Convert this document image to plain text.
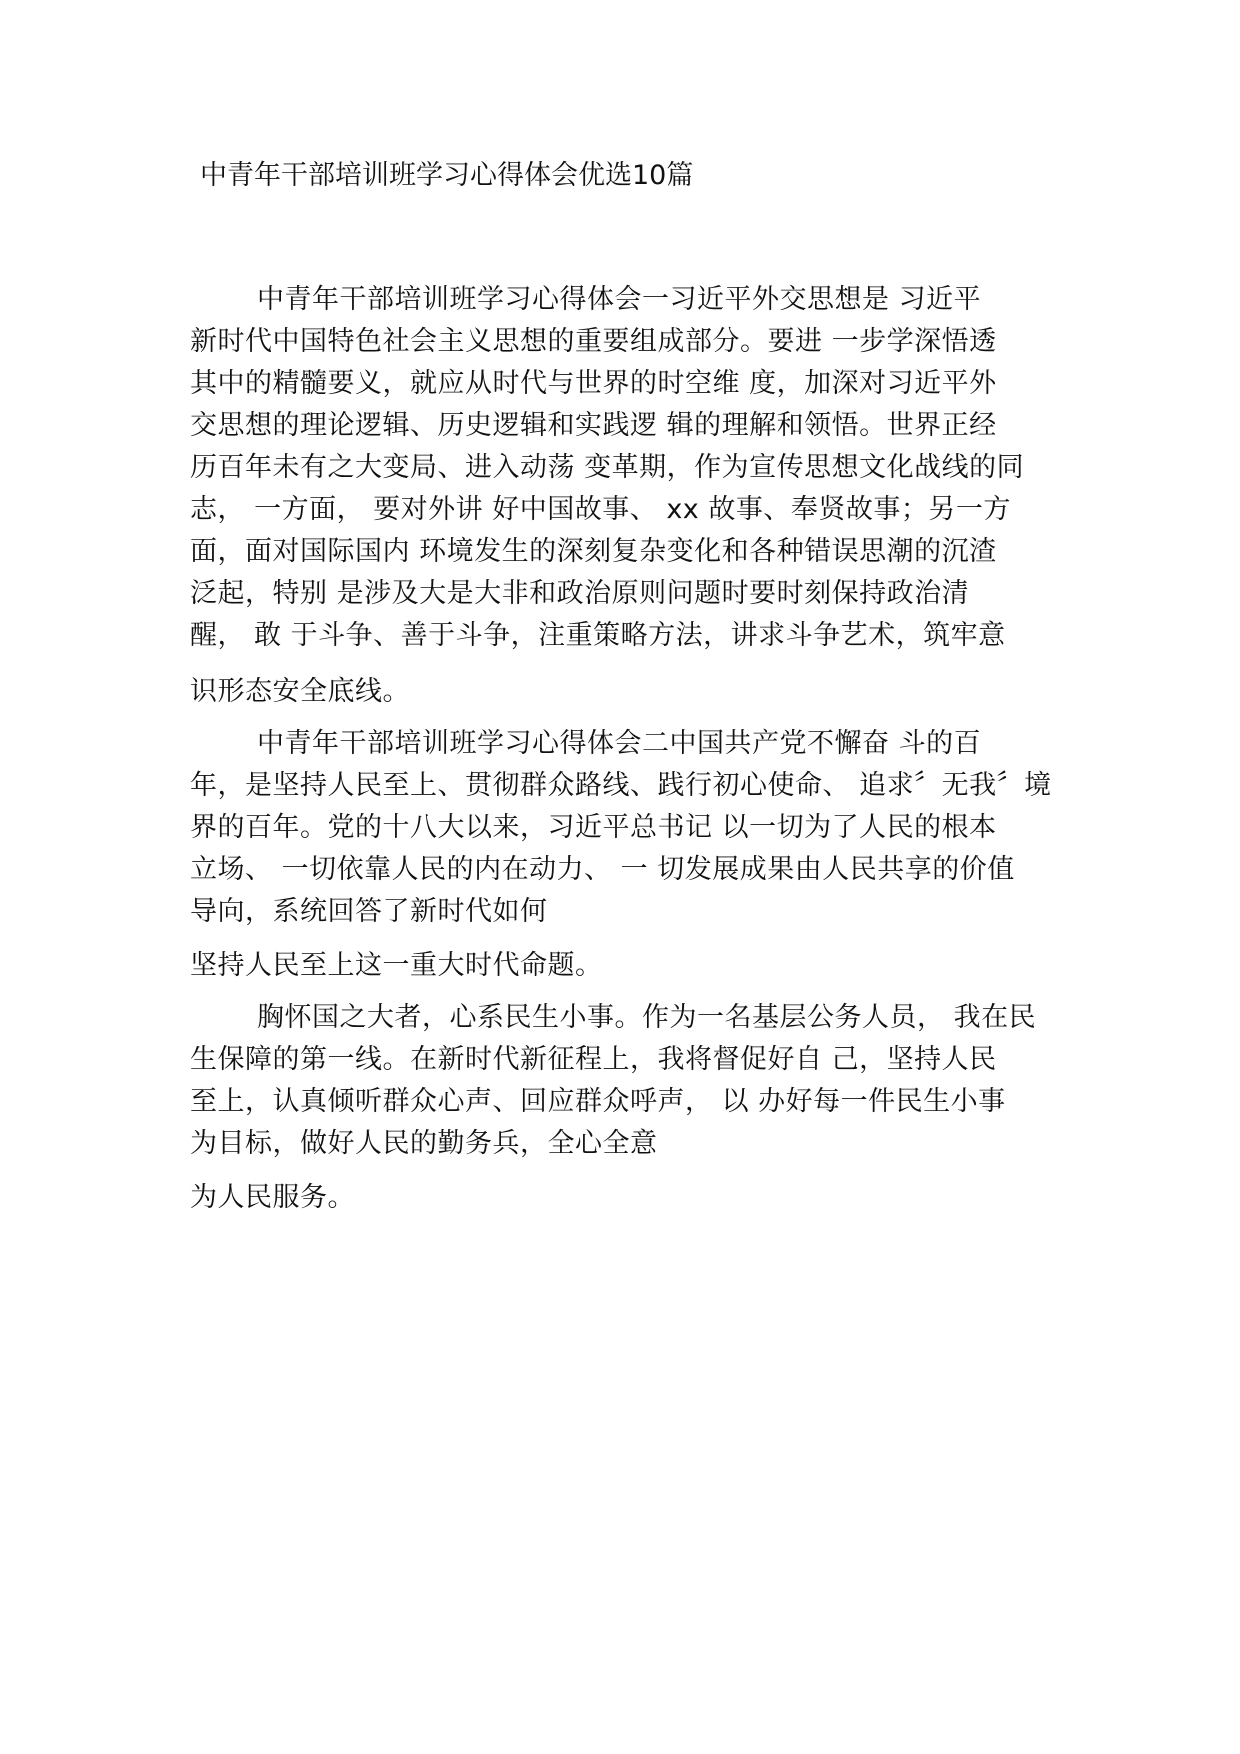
中青年干部培训班学习心得体会优选10篇
中青年干部培训班学习心得体会一习近平外交思想是 习近平
新时代中国特色社会主义思想的重要组成部分。要进 一步学深悟透
其中的精髓要义，就应从时代与世界的时空维 度，加深对习近平外
交思想的理论逻辑、历史逻辑和实践逻 辑的理解和领悟。世界正经
历百年未有之大变局、进入动荡 变革期，作为宣传思想文化战线的同
志， 一方面， 要对外讲 好中国故事、 xx 故事、奉贤故事；另一方
面，面对国际国内 环境发生的深刻复杂变化和各种错误思潮的沉渣
泛起，特别 是涉及大是大非和政治原则问题时要时刻保持政治清
醒， 敢 于斗争、善于斗争，注重策略方法，讲求斗争艺术，筑牢意
识形态安全底线。
中青年干部培训班学习心得体会二中国共产党不懈奋 斗的百
年，是坚持人民至上、贯彻群众路线、践行初心使命、 追求〞无我〞境
界的百年。党的十八大以来，习近平总书记 以一切为了人民的根本
立场、 一切依靠人民的内在动力、 一 切发展成果由人民共享的价值
导向，系统回答了新时代如何
坚持人民至上这一重大时代命题。
胸怀国之大者，心系民生小事。作为一名基层公务人员， 我在民
生保障的第一线。在新时代新征程上，我将督促好自 己，坚持人民
至上，认真倾听群众心声、回应群众呼声， 以 办好每一件民生小事
为目标，做好人民的勤务兵，全心全意
为人民服务。
